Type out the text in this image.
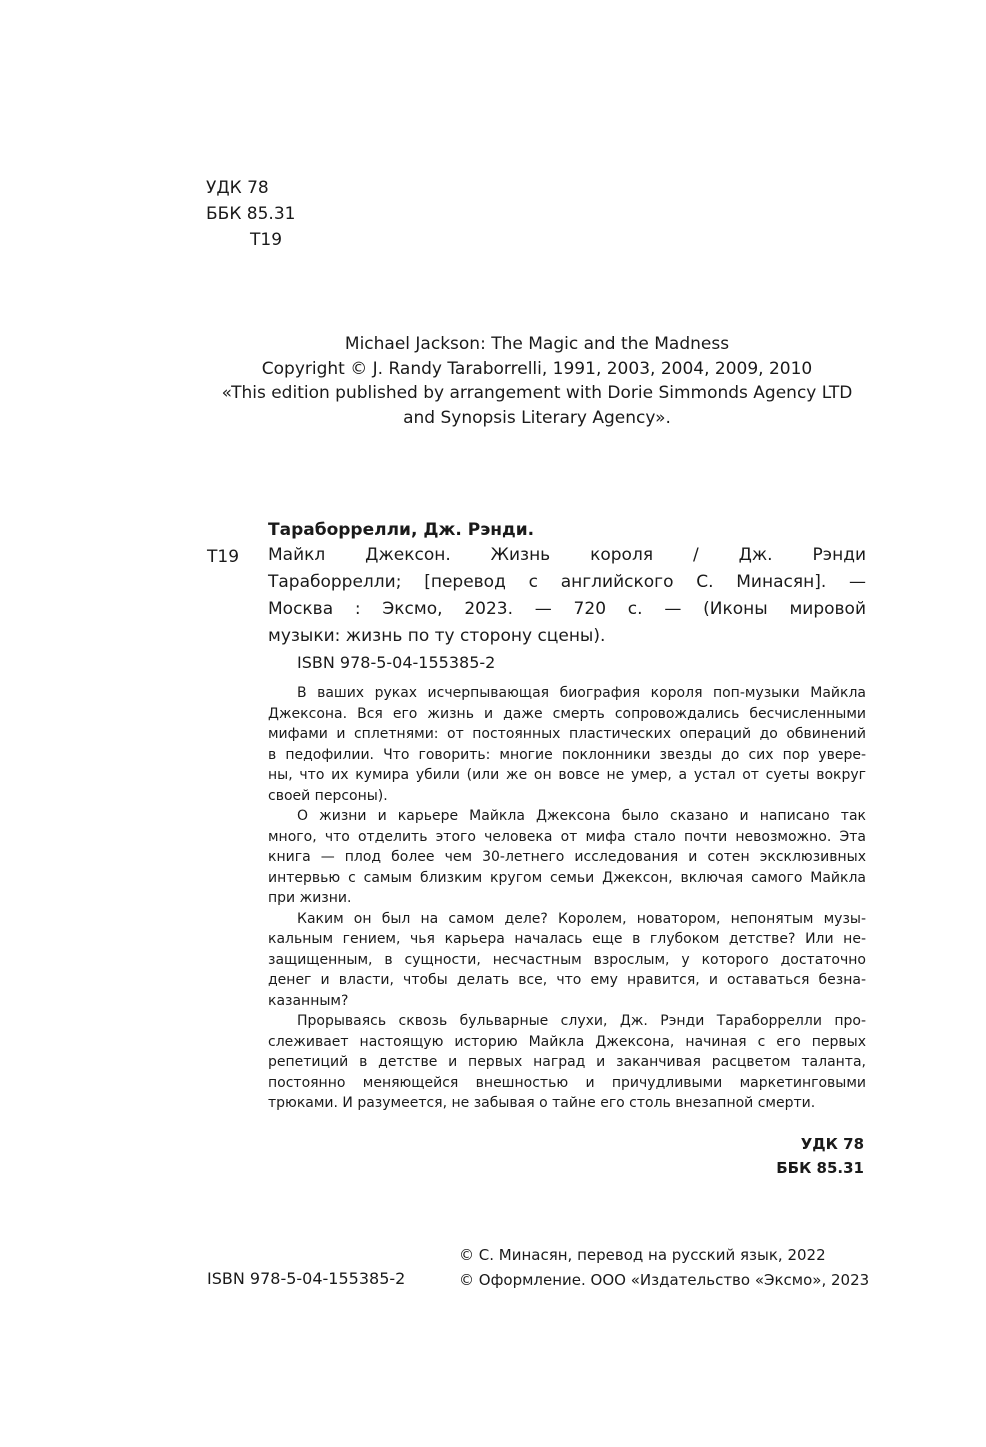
УДК 78
ББК 85.31
Т19
Michael Jackson: The Magic and the Madness
Copyright © J. Randy Taraborrelli, 1991, 2003, 2004, 2009, 2010
«This edition published by arrangement with Dorie Simmonds Agency LTD
and Synopsis Literary Agency».
Тараборрелли, Дж. Рэнди.
Т19 Майкл Джексон. Жизнь короля / Дж. Рэнди
Тараборрелли; [перевод с английского С. Минасян]. —
Москва : Эксмо, 2023. — 720 с. — (Иконы мировой
музыки: жизнь по ту сторону сцены).
ISBN 978-5-04-155385-2
В ваших руках исчерпывающая биография короля поп-музыки Майкла
Джексона. Вся его жизнь и даже смерть сопровождались бесчисленными
мифами и сплетнями: от постоянных пластических операций до обвинений
в педофилии. Что говорить: многие поклонники звезды до сих пор увере-
ны, что их кумира убили (или же он вовсе не умер, а устал от суеты вокруг
своей персоны).
О жизни и карьере Майкла Джексона было сказано и написано так
много, что отделить этого человека от мифа стало почти невозможно. Эта
книга — плод более чем 30-летнего исследования и сотен эксклюзивных
интервью с самым близким кругом семьи Джексон, включая самого Майкла
при жизни.
Каким он был на самом деле? Королем, новатором, непонятым музы-
кальным гением, чья карьера началась еще в глубоком детстве? Или не-
защищенным, в сущности, несчастным взрослым, у которого достаточно
денег и власти, чтобы делать все, что ему нравится, и оставаться безна-
казанным?
Прорываясь сквозь бульварные слухи, Дж. Рэнди Тараборрелли про-
слеживает настоящую историю Майкла Джексона, начиная с его первых
репетиций в детстве и первых наград и заканчивая расцветом таланта,
постоянно меняющейся внешностью и причудливыми маркетинговыми
трюками. И разумеется, не забывая о тайне его столь внезапной смерти.
УДК 78
ББК 85.31
ISBN 978-5-04-155385-2
© С. Минасян, перевод на русский язык, 2022
© Оформление. ООО «Издательство «Эксмо», 2023
